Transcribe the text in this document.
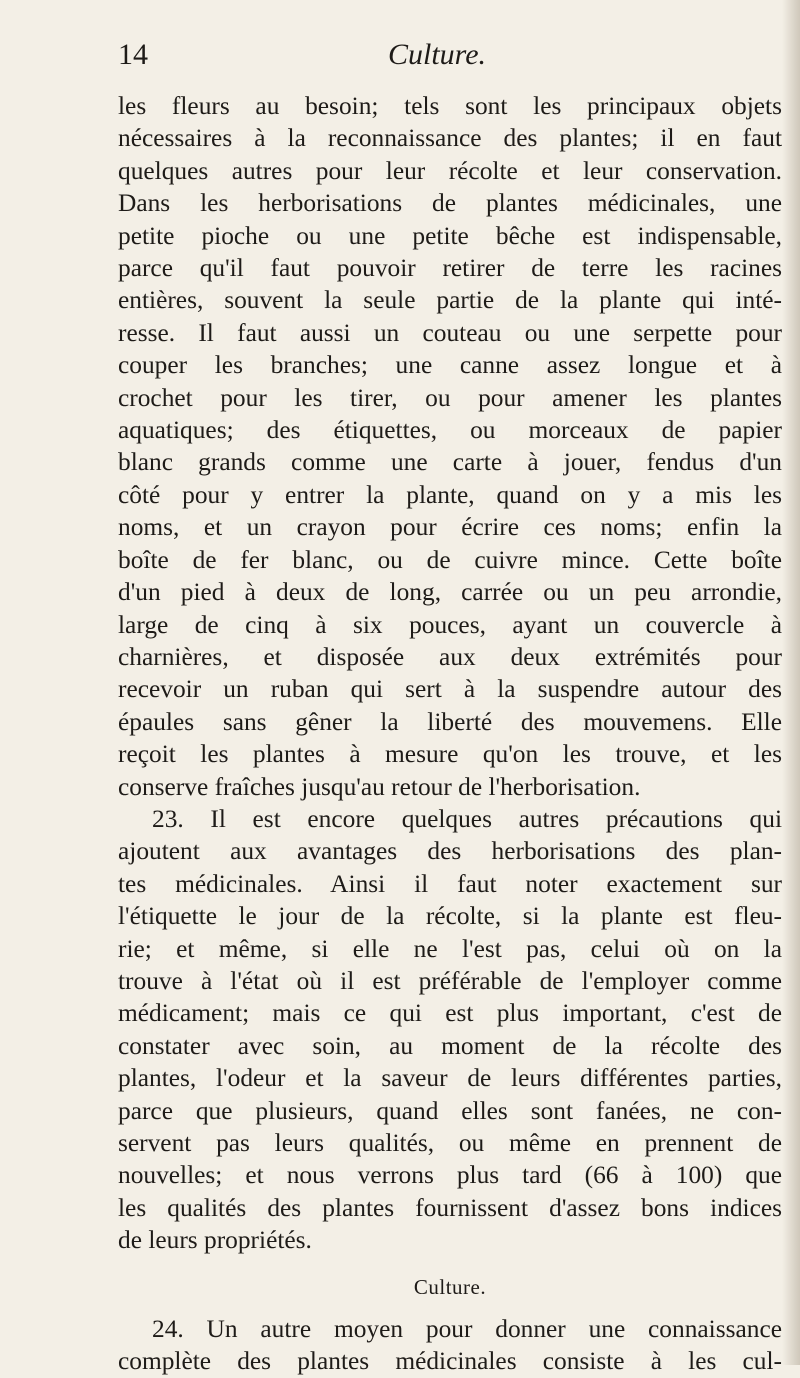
14	Culture.

les fleurs au besoin; tels sont les principaux objets
nécessaires à la reconnaissance des plantes; il en faut
quelques autres pour leur récolte et leur conservation.
Dans les herborisations de plantes médicinales, une
petite pioche ou une petite bêche est indispensable,
parce qu'il faut pouvoir retirer de terre les racines
entières, souvent la seule partie de la plante qui inté-
resse. Il faut aussi un couteau ou une serpette pour
couper les branches; une canne assez longue et à
crochet pour les tirer, ou pour amener les plantes
aquatiques; des étiquettes, ou morceaux de papier
blanc grands comme une carte à jouer, fendus d'un
côté pour y entrer la plante, quand on y a mis les
noms, et un crayon pour écrire ces noms; enfin la
boîte de fer blanc, ou de cuivre mince. Cette boîte
d'un pied à deux de long, carrée ou un peu arrondie,
large de cinq à six pouces, ayant un couvercle à
charnières, et disposée aux deux extrémités pour
recevoir un ruban qui sert à la suspendre autour des
épaules sans gêner la liberté des mouvemens. Elle
reçoit les plantes à mesure qu'on les trouve, et les
conserve fraîches jusqu'au retour de l'herborisation.

23. Il est encore quelques autres précautions qui
ajoutent aux avantages des herborisations des plan-
tes médicinales. Ainsi il faut noter exactement sur
l'étiquette le jour de la récolte, si la plante est fleu-
rie; et même, si elle ne l'est pas, celui où on la
trouve à l'état où il est préférable de l'employer comme
médicament; mais ce qui est plus important, c'est de
constater avec soin, au moment de la récolte des
plantes, l'odeur et la saveur de leurs différentes parties,
parce que plusieurs, quand elles sont fanées, ne con-
servent pas leurs qualités, ou même en prennent de
nouvelles; et nous verrons plus tard (66 à 100) que
les qualités des plantes fournissent d'assez bons indices
de leurs propriétés.

Culture.

24. Un autre moyen pour donner une connaissance
complète des plantes médicinales consiste à les cul-
